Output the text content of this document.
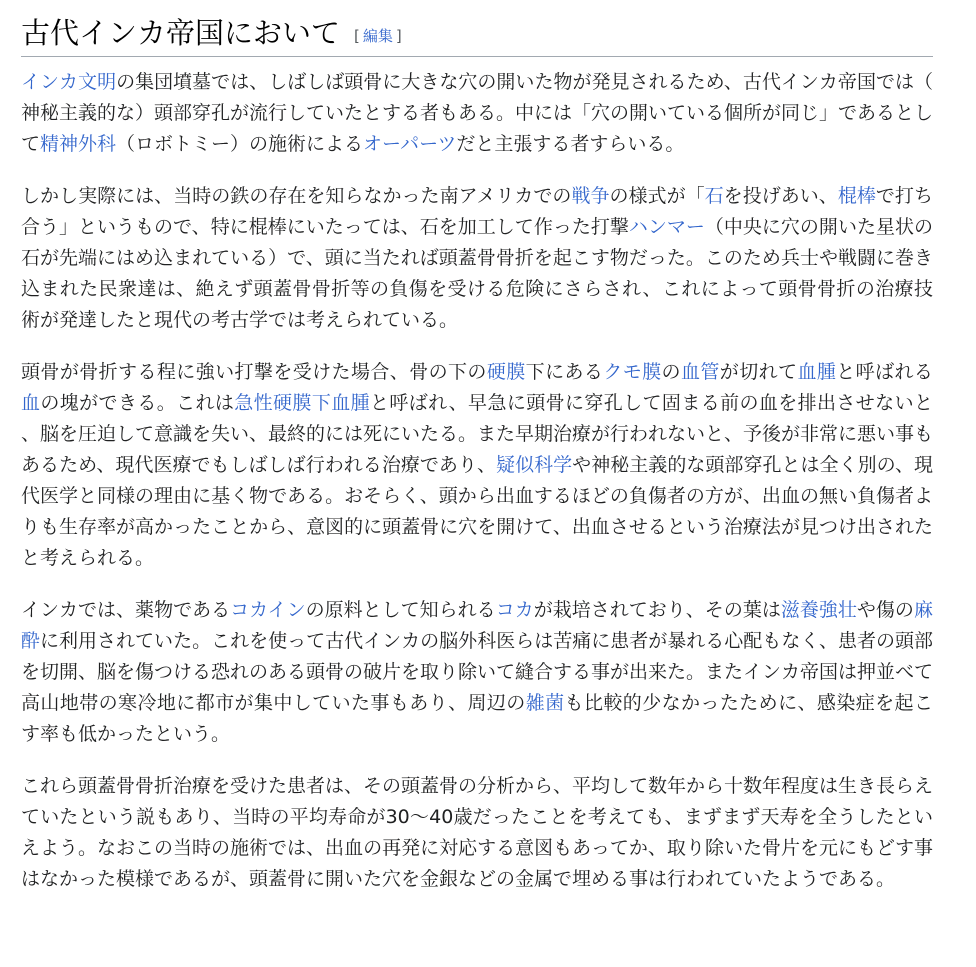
古代インカ帝国において [ 編集 ]

インカ文明の集団墳墓では、しばしば頭骨に大きな穴の開いた物が発見されるため、古代インカ帝国では（神秘主義的な）頭部穿孔が流行していたとする者もある。中には「穴の開いている個所が同じ」であるとして精神外科（ロボトミー）の施術によるオーパーツだと主張する者すらいる。

しかし実際には、当時の鉄の存在を知らなかった南アメリカでの戦争の様式が「石を投げあい、棍棒で打ち合う」というもので、特に棍棒にいたっては、石を加工して作った打撃ハンマー（中央に穴の開いた星状の石が先端にはめ込まれている）で、頭に当たれば頭蓋骨骨折を起こす物だった。このため兵士や戦闘に巻き込まれた民衆達は、絶えず頭蓋骨骨折等の負傷を受ける危険にさらされ、これによって頭骨骨折の治療技術が発達したと現代の考古学では考えられている。

頭骨が骨折する程に強い打撃を受けた場合、骨の下の硬膜下にあるクモ膜の血管が切れて血腫と呼ばれる血の塊ができる。これは急性硬膜下血腫と呼ばれ、早急に頭骨に穿孔して固まる前の血を排出させないと、脳を圧迫して意識を失い、最終的には死にいたる。また早期治療が行われないと、予後が非常に悪い事もあるため、現代医療でもしばしば行われる治療であり、疑似科学や神秘主義的な頭部穿孔とは全く別の、現代医学と同様の理由に基く物である。おそらく、頭から出血するほどの負傷者の方が、出血の無い負傷者よりも生存率が高かったことから、意図的に頭蓋骨に穴を開けて、出血させるという治療法が見つけ出されたと考えられる。

インカでは、薬物であるコカインの原料として知られるコカが栽培されており、その葉は滋養強壮や傷の麻酔に利用されていた。これを使って古代インカの脳外科医らは苦痛に患者が暴れる心配もなく、患者の頭部を切開、脳を傷つける恐れのある頭骨の破片を取り除いて縫合する事が出来た。またインカ帝国は押並べて高山地帯の寒冷地に都市が集中していた事もあり、周辺の雑菌も比較的少なかったために、感染症を起こす率も低かったという。

これら頭蓋骨骨折治療を受けた患者は、その頭蓋骨の分析から、平均して数年から十数年程度は生き長らえていたという説もあり、当時の平均寿命が30〜40歳だったことを考えても、まずまず天寿を全うしたといえよう。なおこの当時の施術では、出血の再発に対応する意図もあってか、取り除いた骨片を元にもどす事はなかった模様であるが、頭蓋骨に開いた穴を金銀などの金属で埋める事は行われていたようである。
